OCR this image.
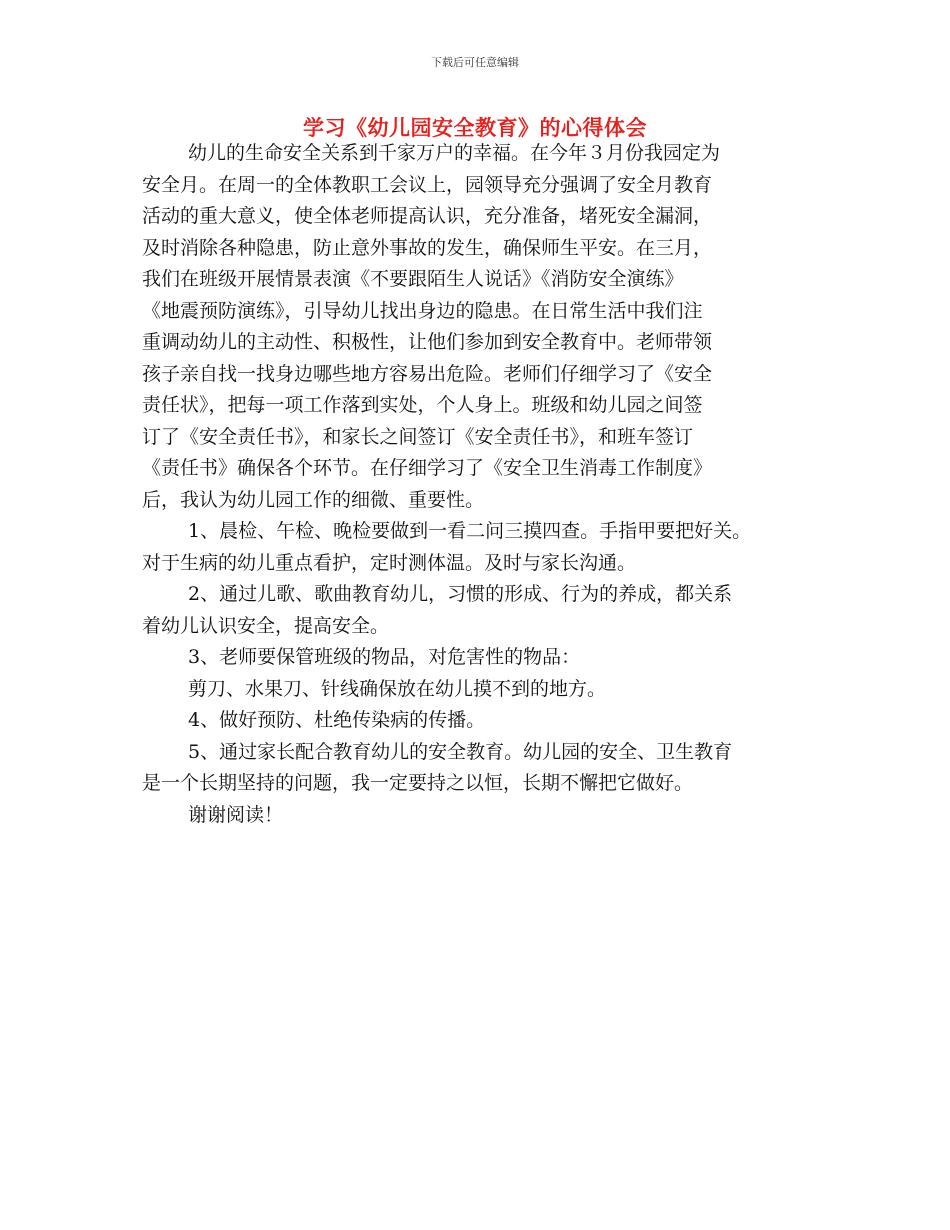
下载后可任意编辑
学习《幼儿园安全教育》的心得体会
幼儿的生命安全关系到千家万户的幸福。在今年３月份我园定为
安全月。在周一的全体教职工会议上，园领导充分强调了安全月教育
活动的重大意义，使全体老师提高认识，充分准备，堵死安全漏洞，
及时消除各种隐患，防止意外事故的发生，确保师生平安。在三月，
我们在班级开展情景表演《不要跟陌生人说话》《消防安全演练》
《地震预防演练》，引导幼儿找出身边的隐患。在日常生活中我们注
重调动幼儿的主动性、积极性，让他们参加到安全教育中。老师带领
孩子亲自找一找身边哪些地方容易出危险。老师们仔细学习了《安全
责任状》，把每一项工作落到实处，个人身上。班级和幼儿园之间签
订了《安全责任书》，和家长之间签订《安全责任书》，和班车签订
《责任书》确保各个环节。在仔细学习了《安全卫生消毒工作制度》
后，我认为幼儿园工作的细微、重要性。
1、晨检、午检、晚检要做到一看二问三摸四查。手指甲要把好关。
对于生病的幼儿重点看护，定时测体温。及时与家长沟通。
2、通过儿歌、歌曲教育幼儿，习惯的形成、行为的养成，都关系
着幼儿认识安全，提高安全。
3、老师要保管班级的物品，对危害性的物品：
剪刀、水果刀、针线确保放在幼儿摸不到的地方。
4、做好预防、杜绝传染病的传播。
5、通过家长配合教育幼儿的安全教育。幼儿园的安全、卫生教育
是一个长期坚持的问题，我一定要持之以恒，长期不懈把它做好。
谢谢阅读！
